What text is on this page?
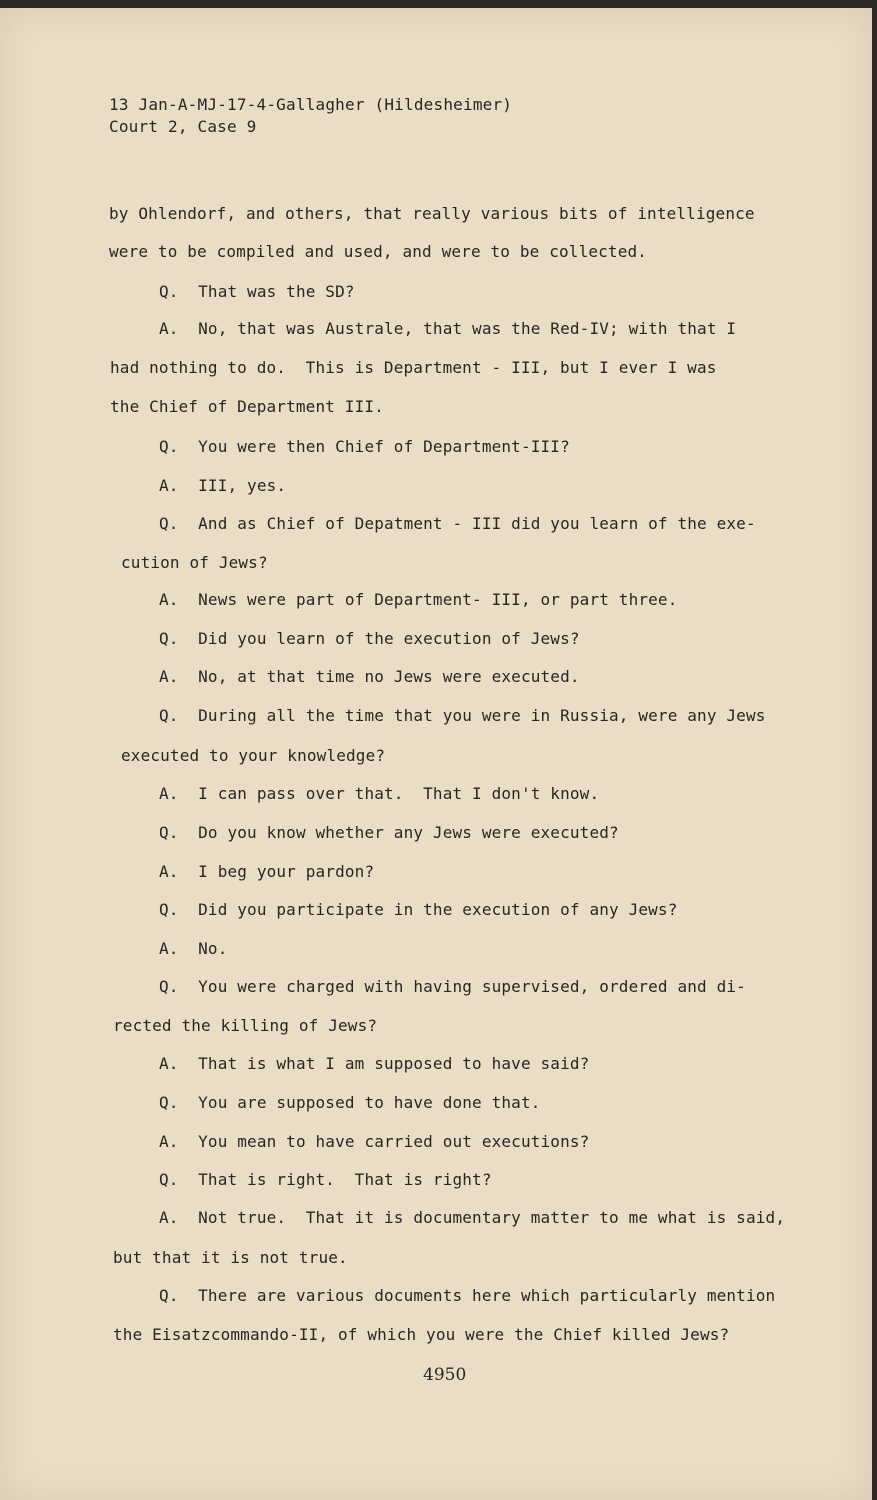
13 Jan-A-MJ-17-4-Gallagher (Hildesheimer)
Court 2, Case 9
by Ohlendorf, and others, that really various bits of intelligence
were to be compiled and used, and were to be collected.
Q.  That was the SD?
A.  No, that was Australe, that was the Red-IV; with that I
had nothing to do.  This is Department - III, but I ever I was
the Chief of Department III.
Q.  You were then Chief of Department-III?
A.  III, yes.
Q.  And as Chief of Depatment - III did you learn of the exe-
cution of Jews?
A.  News were part of Department- III, or part three.
Q.  Did you learn of the execution of Jews?
A.  No, at that time no Jews were executed.
Q.  During all the time that you were in Russia, were any Jews
executed to your knowledge?
A.  I can pass over that.  That I don't know.
Q.  Do you know whether any Jews were executed?
A.  I beg your pardon?
Q.  Did you participate in the execution of any Jews?
A.  No.
Q.  You were charged with having supervised, ordered and di-
rected the killing of Jews?
A.  That is what I am supposed to have said?
Q.  You are supposed to have done that.
A.  You mean to have carried out executions?
Q.  That is right.  That is right?
A.  Not true.  That it is documentary matter to me what is said,
but that it is not true.
Q.  There are various documents here which particularly mention
the Eisatzcommando-II, of which you were the Chief killed Jews?
4950
